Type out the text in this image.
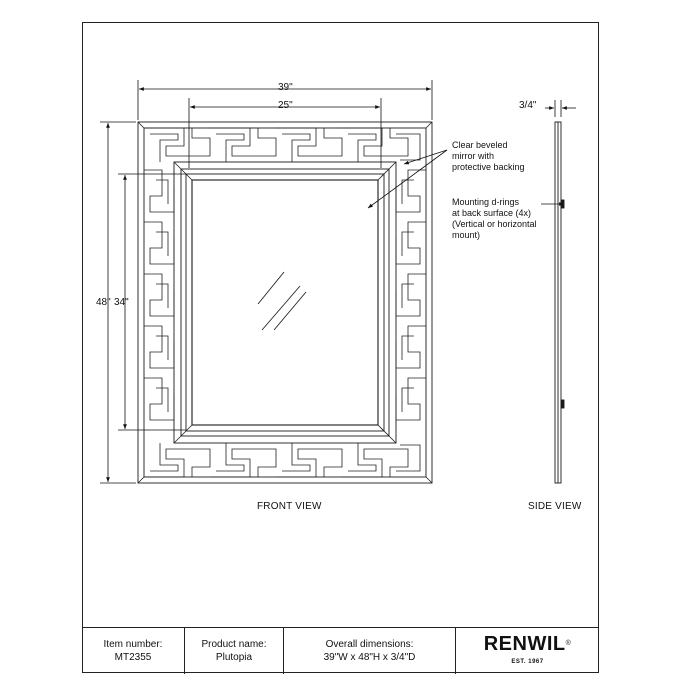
39"
25"
48" 34"
3/4"
Clear beveled
mirror with
protective backing
Mounting d-rings
at back surface (4x)
(Vertical or horizontal
mount)
FRONT VIEW	SIDE VIEW
Item number:
MT2355
Product name:
Plutopia
Overall dimensions:
39"W x 48"H x 3/4"D
RENWIL®
EST. 1967
